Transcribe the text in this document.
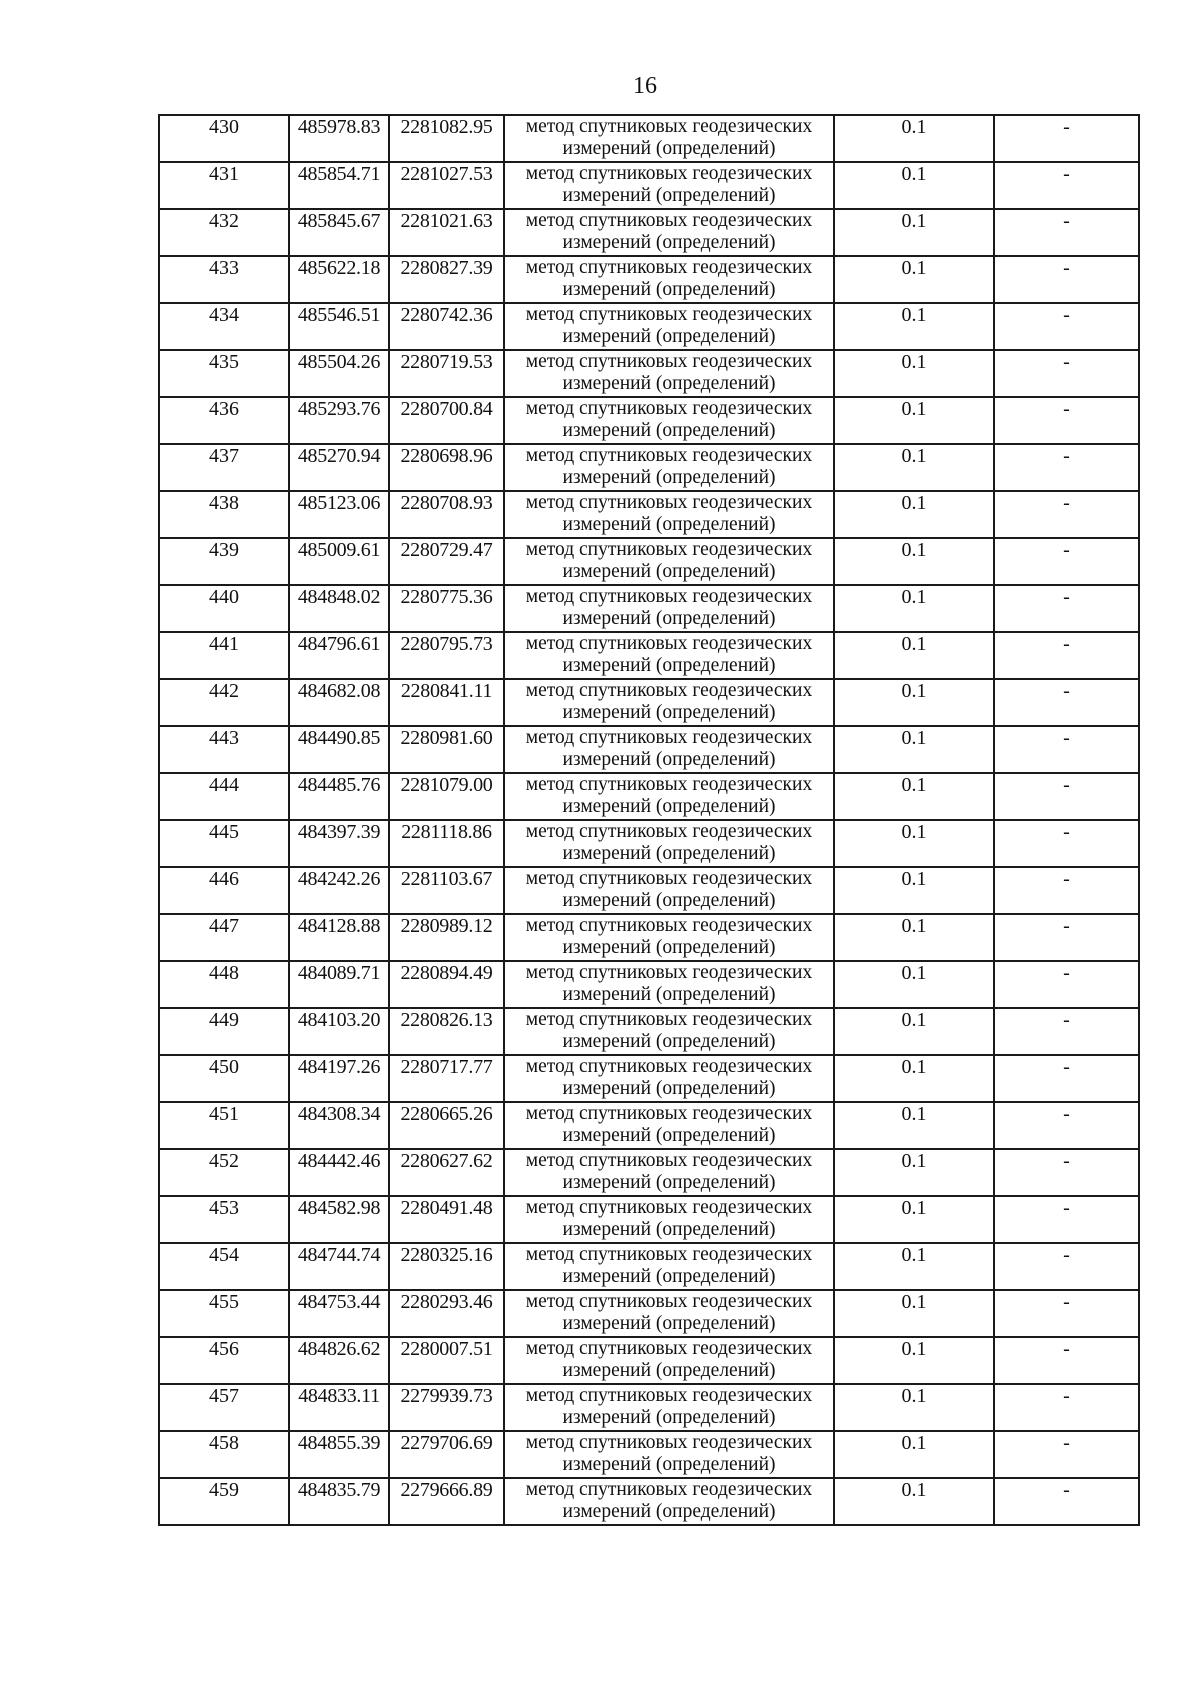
16
430	485978.83	2281082.95	метод спутниковых геодезических
измерений (определений)	0.1	-
431	485854.71	2281027.53	метод спутниковых геодезических
измерений (определений)	0.1	-
432	485845.67	2281021.63	метод спутниковых геодезических
измерений (определений)	0.1	-
433	485622.18	2280827.39	метод спутниковых геодезических
измерений (определений)	0.1	-
434	485546.51	2280742.36	метод спутниковых геодезических
измерений (определений)	0.1	-
435	485504.26	2280719.53	метод спутниковых геодезических
измерений (определений)	0.1	-
436	485293.76	2280700.84	метод спутниковых геодезических
измерений (определений)	0.1	-
437	485270.94	2280698.96	метод спутниковых геодезических
измерений (определений)	0.1	-
438	485123.06	2280708.93	метод спутниковых геодезических
измерений (определений)	0.1	-
439	485009.61	2280729.47	метод спутниковых геодезических
измерений (определений)	0.1	-
440	484848.02	2280775.36	метод спутниковых геодезических
измерений (определений)	0.1	-
441	484796.61	2280795.73	метод спутниковых геодезических
измерений (определений)	0.1	-
442	484682.08	2280841.11	метод спутниковых геодезических
измерений (определений)	0.1	-
443	484490.85	2280981.60	метод спутниковых геодезических
измерений (определений)	0.1	-
444	484485.76	2281079.00	метод спутниковых геодезических
измерений (определений)	0.1	-
445	484397.39	2281118.86	метод спутниковых геодезических
измерений (определений)	0.1	-
446	484242.26	2281103.67	метод спутниковых геодезических
измерений (определений)	0.1	-
447	484128.88	2280989.12	метод спутниковых геодезических
измерений (определений)	0.1	-
448	484089.71	2280894.49	метод спутниковых геодезических
измерений (определений)	0.1	-
449	484103.20	2280826.13	метод спутниковых геодезических
измерений (определений)	0.1	-
450	484197.26	2280717.77	метод спутниковых геодезических
измерений (определений)	0.1	-
451	484308.34	2280665.26	метод спутниковых геодезических
измерений (определений)	0.1	-
452	484442.46	2280627.62	метод спутниковых геодезических
измерений (определений)	0.1	-
453	484582.98	2280491.48	метод спутниковых геодезических
измерений (определений)	0.1	-
454	484744.74	2280325.16	метод спутниковых геодезических
измерений (определений)	0.1	-
455	484753.44	2280293.46	метод спутниковых геодезических
измерений (определений)	0.1	-
456	484826.62	2280007.51	метод спутниковых геодезических
измерений (определений)	0.1	-
457	484833.11	2279939.73	метод спутниковых геодезических
измерений (определений)	0.1	-
458	484855.39	2279706.69	метод спутниковых геодезических
измерений (определений)	0.1	-
459	484835.79	2279666.89	метод спутниковых геодезических
измерений (определений)	0.1	-
